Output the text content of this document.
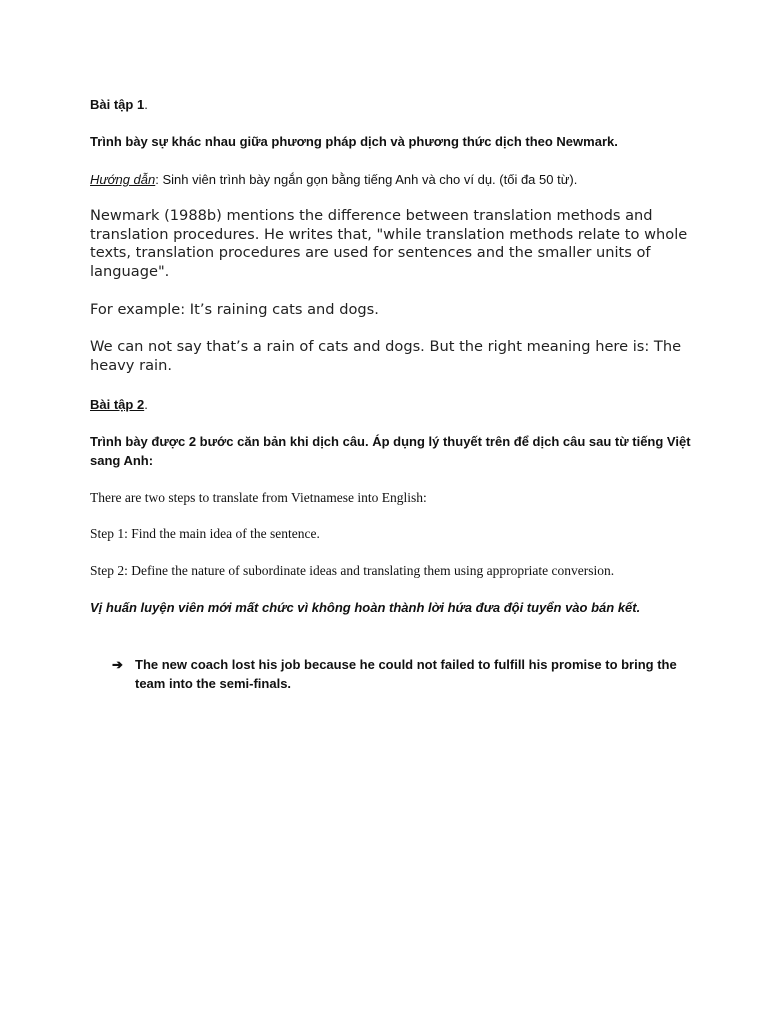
Bài tập 1.

Trình bày sự khác nhau giữa phương pháp dịch và phương thức dịch theo Newmark.

Hướng dẫn: Sinh viên trình bày ngắn gọn bằng tiếng Anh và cho ví dụ. (tối đa 50 từ).

Newmark (1988b) mentions the difference between translation methods and translation procedures. He writes that, "while translation methods relate to whole texts, translation procedures are used for sentences and the smaller units of language".

For example: It’s raining cats and dogs.

We can not say that’s a rain of cats and dogs. But the right meaning here is: The heavy rain.

Bài tập 2.

Trình bày được 2 bước căn bản khi dịch câu. Áp dụng lý thuyết trên để dịch câu sau từ tiếng Việt sang Anh:

There are two steps to translate from Vietnamese into English:

Step 1: Find the main idea of the sentence.

Step 2: Define the nature of subordinate ideas and translating them using appropriate conversion.

Vị huấn luyện viên mới mất chức vì không hoàn thành lời hứa đưa đội tuyển vào bán kết.

➔ The new coach lost his job because he could not failed to fulfill his promise to bring the team into the semi-finals.
